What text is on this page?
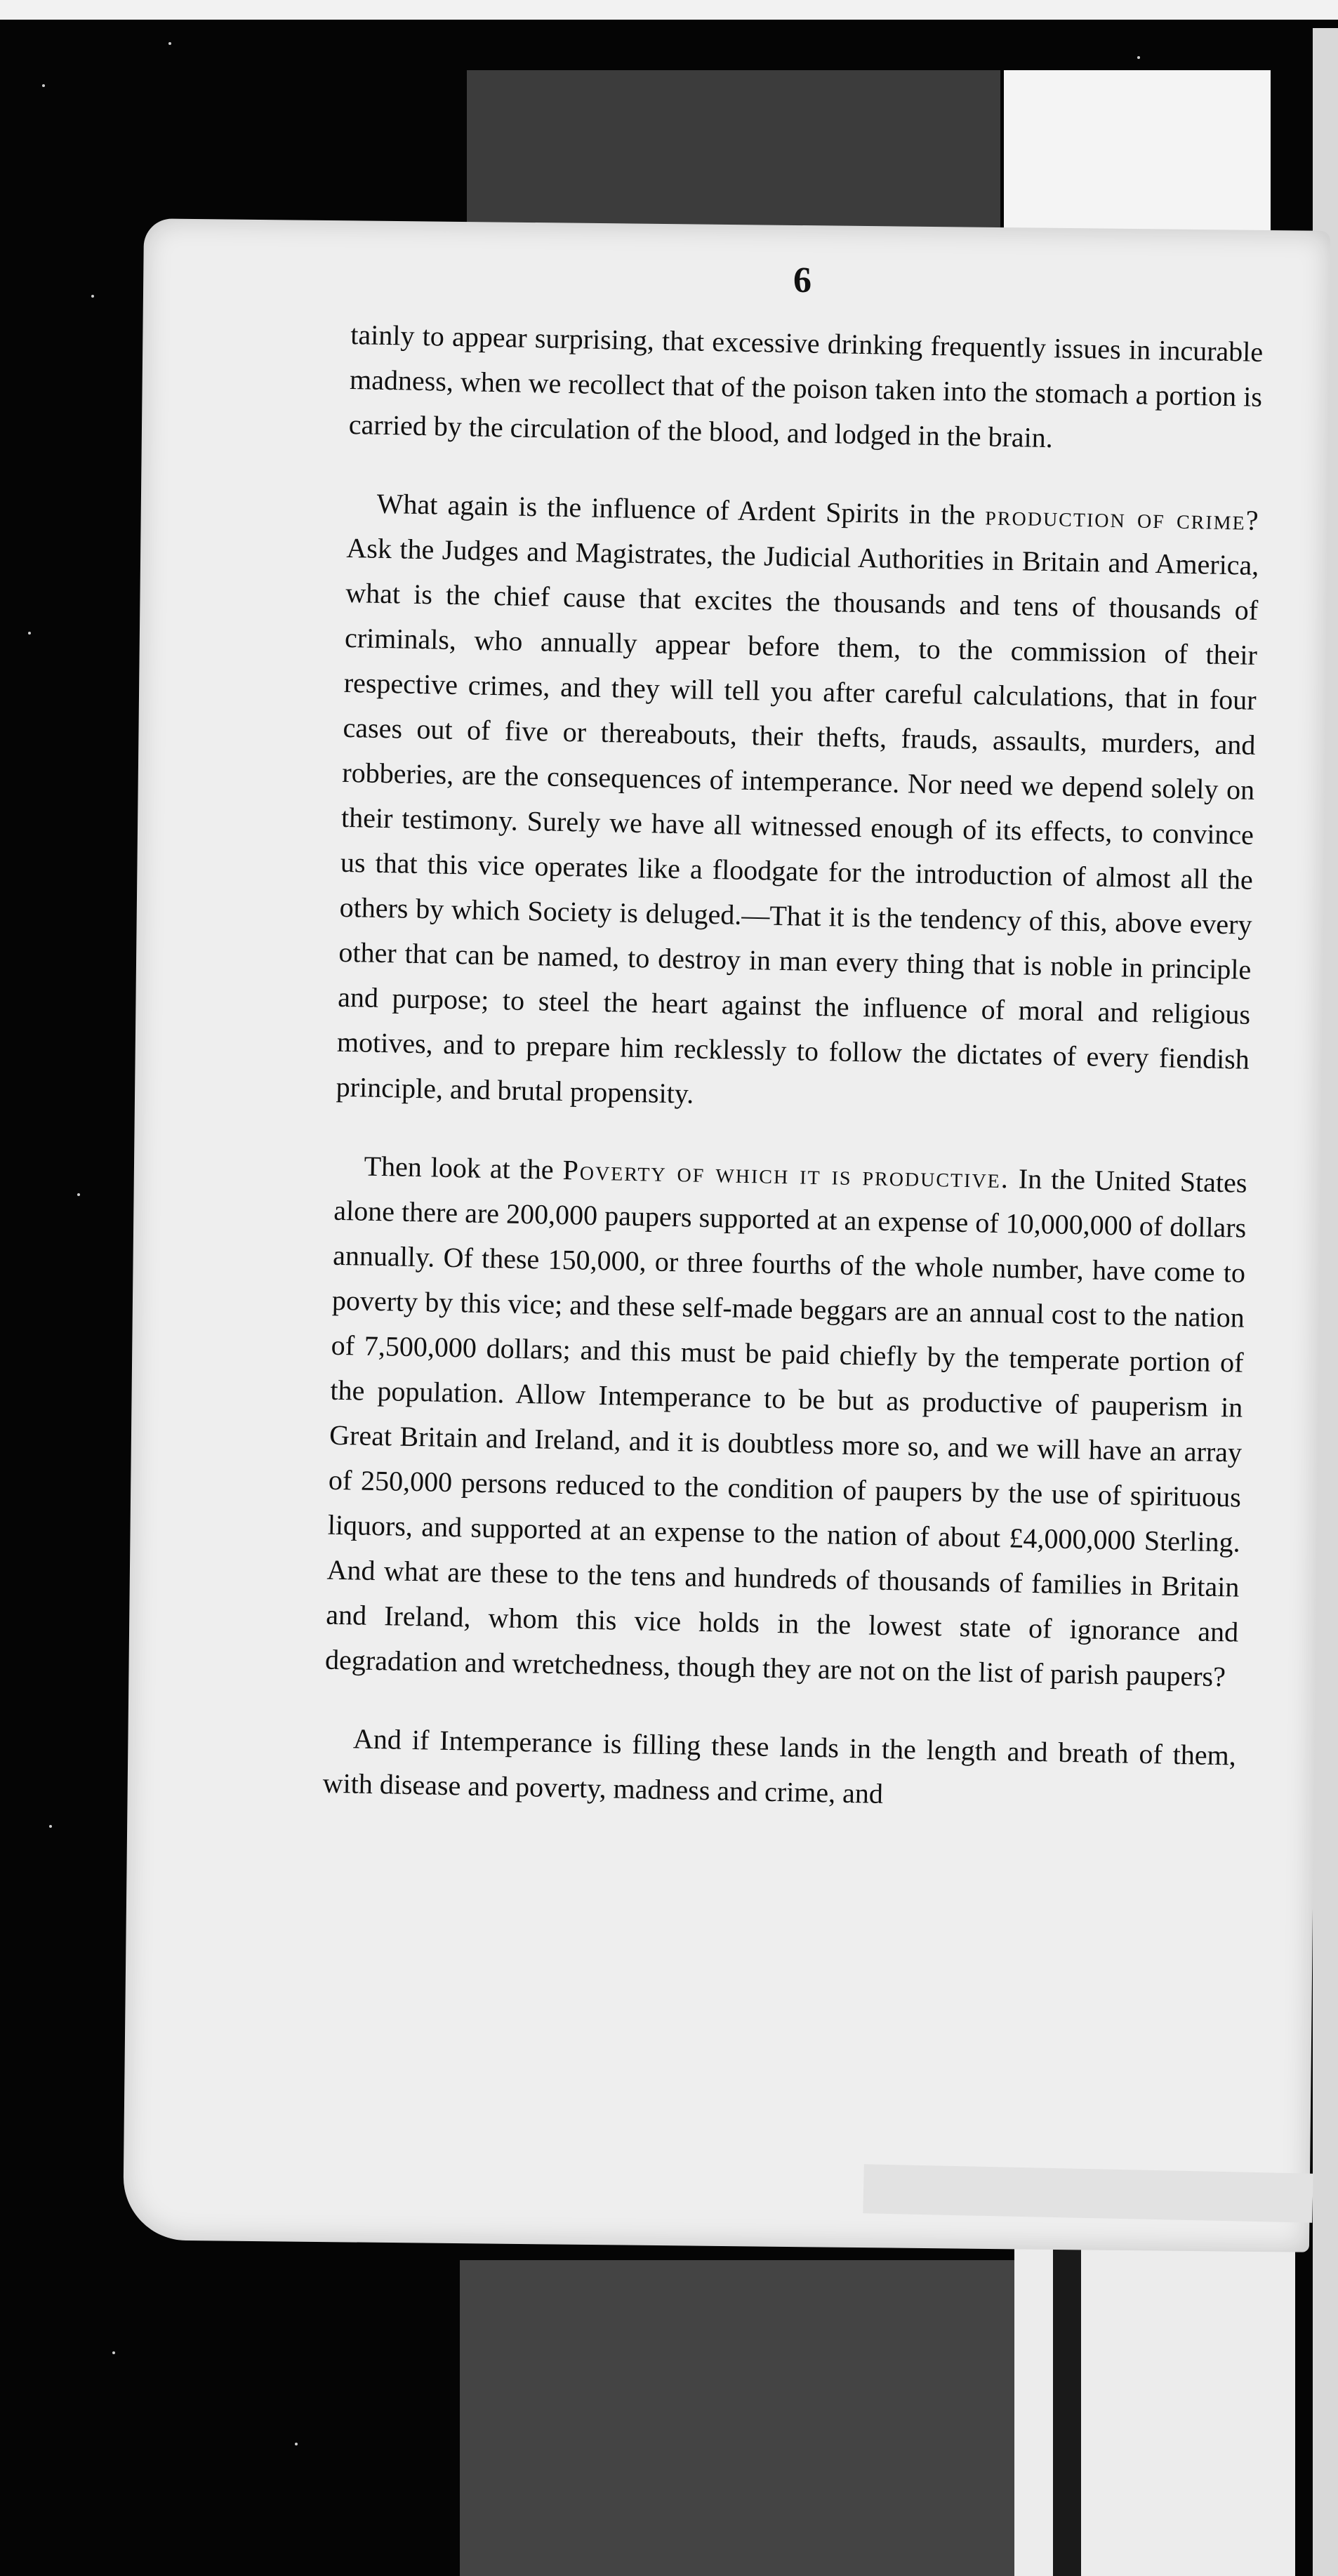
6

tainly to appear surprising, that excessive drinking frequently issues in incurable madness, when we recollect that of the poison taken into the stomach a portion is carried by the circulation of the blood, and lodged in the brain.

What again is the influence of Ardent Spirits in the production of crime? Ask the Judges and Magistrates, the Judicial Authorities in Britain and America, what is the chief cause that excites the thousands and tens of thousands of criminals, who annually appear before them, to the commission of their respective crimes, and they will tell you after careful calculations, that in four cases out of five or thereabouts, their thefts, frauds, assaults, murders, and robberies, are the consequences of intemperance. Nor need we depend solely on their testimony. Surely we have all witnessed enough of its effects, to convince us that this vice operates like a floodgate for the introduction of almost all the others by which Society is deluged.—That it is the tendency of this, above every other that can be named, to destroy in man every thing that is noble in principle and purpose; to steel the heart against the influence of moral and religious motives, and to prepare him recklessly to follow the dictates of every fiendish principle, and brutal propensity.

Then look at the Poverty of which it is productive. In the United States alone there are 200,000 paupers supported at an expense of 10,000,000 of dollars annually. Of these 150,000, or three fourths of the whole number, have come to poverty by this vice; and these self-made beggars are an annual cost to the nation of 7,500,000 dollars; and this must be paid chiefly by the temperate portion of the population. Allow Intemperance to be but as productive of pauperism in Great Britain and Ireland, and it is doubtless more so, and we will have an array of 250,000 persons reduced to the condition of paupers by the use of spirituous liquors, and supported at an expense to the nation of about £4,000,000 Sterling. And what are these to the tens and hundreds of thousands of families in Britain and Ireland, whom this vice holds in the lowest state of ignorance and degradation and wretchedness, though they are not on the list of parish paupers?

And if Intemperance is filling these lands in the length and breath of them, with disease and poverty, madness and crime, and
